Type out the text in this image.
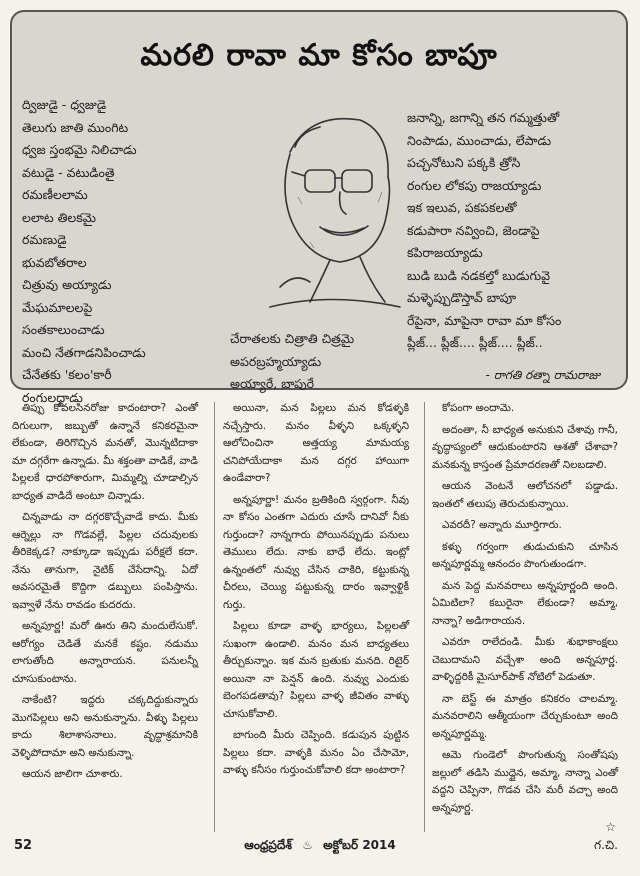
మరలి రావా మా కోసం బాపూ
ద్విజుడై - ధ్వజుడై
తెలుగు జాతి ముంగిట
ధ్వజ స్తంభమై నిలిచాడు
వటుడై - వటుడింతై
రమణీలలామ
లలాట తిలకమై
రమణుడై
భువబోతరాల
చిత్రువు అయ్యాడు
మేఘమాలలపై
సంతకాలుంచాడు
మంచి నేతగాడనిపించాడు
చేనేతకు 'కలం'కారీ
రంగులద్దాడు
చేరాతలకు చిత్రాతి చిత్రమై
అపరబ్రహ్మయ్యాడు
అయ్యారే, బాపురే
జనాన్ని, జగాన్ని తన గమ్మత్తుతో
నింపాడు, ముంచాడు, లేపాడు
పచ్చనోటుని పక్కకి త్రోసి
రంగుల లోకపు రాజయ్యాడు
ఇక ఇలువ, పకపకలతో
కడుపారా నవ్వించి, జెండాపై
కపిరాజయ్యాడు
బుడి బుడి నడకల్తో బుడుగువై
మళ్ళెప్పుడొస్తావ్ బాపూ
రేపైనా, మాపైనా రావా మా కోసం
ప్లీజ్... ప్లీజ్.... ప్లీజ్.... ప్లీజ్..
- రాగతి రత్నా రామరాజు

తిప్పు కోవలసినరోజు కాదంటారా? ఎంతో దిగులుగా, జబ్బుతో ఉన్నానే కనికరమైనా లేకుండా, తిరిగొచ్చిన మనతో, మొన్నటిదాకా మా దగ్గరేగా ఉన్నాడు. మీ శక్తంతా వాడికే, వాడి పిల్లలకే ధారపోశారుగా, మిమ్మల్ని చూడాల్సిన బాధ్యత వాడిదే అంటూ చిన్నాడు.

చిన్నవాడు నా దగ్గరకొచ్చేవాడే కాదు. మీకు ఆర్నెల్లు నా గొడవల్లే, పిల్లల చదువులకు తీరికెక్కడ? నాక్కూడా ఇప్పుడు పరీక్షలే కదా. నేను తానుగా, నైటిక్ చేసేదాన్ని. ఏదో అవసరమైతే కొద్దిగా డబ్బులు పంపిస్తాను. ఇవ్వాళే నేను రావడం కుదరదు.

అన్నపూర్ణ! మరో ఊరు తిని మందులేసుకో. ఆరోగ్యం చెడితే మనకే కష్టం. నడుము లాగుతోంది అన్నారాయన. పనులన్నీ చూసుకుంటాను.

నాకేంటి? ఇద్దరు చక్కదిద్దుకున్నారు మొగపిల్లలు అని అనుకున్నాను. వీళ్ళు పిల్లలు కాదు శిలాశాసనాలు. వృద్ధాశ్రమానికి వెళ్ళిపోదామా అని అనుకున్నా.

ఆయన జాలిగా చూశారు.

అయినా, మన పిల్లలు మన కోడళ్ళకి నచ్చేస్తారు. మనం వీళ్ళని ఒక్కళ్ళని ఆలోచించినా అత్తయ్య మామయ్య చనిపోయేదాకా మన దగ్గర హాయిగా ఉండేవారా?

అన్నపూర్ణా! మనం బ్రతికింది స్వర్గంగా. నీవు నా కోసం ఎంతగా ఎదురు చూసే దానివో నీకు గుర్తుందా? నాన్నగారు పోయినప్పుడు పనులు తెములు లేదు. నాకు బాధే లేదు. ఇంట్లో ఉన్నంతలో నువ్వు చేసిన చాకిరి, కట్టుకున్న చీరలు, చెయ్యి పట్టుకున్న దారం ఇవ్వాళ్టికీ గుర్తు.

పిల్లలు కూడా వాళ్ళ భార్యలు, పిల్లలతో సుఖంగా ఉండాలి. మనం మన బాధ్యతలు తీర్చుకున్నాం. ఇక మన బ్రతుకు మనది. రిటైర్ అయినా నా పెన్షన్ ఉంది. నువ్వు ఎందుకు బెంగపడతావు? పిల్లలు వాళ్ళ జీవితం వాళ్ళు చూసుకోవాలి.

బాగుంది మీరు చెప్పింది. కడుపున పుట్టిన పిల్లలు కదా. వాళ్ళకి మనం ఏం చేసామో, వాళ్ళు కనీసం గుర్తుంచుకోవాలి కదా అంటారా?

కోపంగా అందామె.

అదంతా, నీ బాధ్యత అనుకుని చేశావు గానీ, వృద్ధాప్యంలో ఆదుకుంటారని ఆశతో చేశావా? మనకున్న కాస్తంత ప్రేమాదరణతో నిలబడాలి.

ఆయన వెంటనే ఆలోచనలో పడ్డాడు. ఇంతలో తలుపు తెరుచుకున్నాయి.

ఎవరదీ? అన్నారు మూర్తిగారు.

కళ్ళు గర్వంగా తుడుచుకుని చూసిన అన్నపూర్ణమ్మ ఆనందం పొంగుతుండగా.

మన పెద్ద మనవరాలు అన్నపూర్ణంది అంది. ఏమిటిలా? కబురైనా లేకుండా? అమ్మా, నాన్నా? అడిగారాయన.

ఎవరూ రాలేదండి. మీకు శుభాకాంక్షలు చెబుదామని వచ్చేశా అంది అన్నపూర్ణ. వాళ్ళిద్దరికీ మైసూర్‌పాక్ నోటిలో పెడుతూ.

నా బెస్ట్ ఈ మాత్రం కనికరం చాలమ్మా. మనవరాలిని ఆత్మీయంగా చేర్చుకుంటూ అంది అన్నపూర్ణమ్మ.

ఆమె గుండెలో పొంగుతున్న సంతోషపు జల్లులో తడిసి ముద్దైన, అమ్మా, నాన్నా ఎంతో వద్దని చెప్పినా, గొడవ చేసి మరీ వచ్చా అంది అన్నపూర్ణ.

☆
52	ఆంధ్రప్రదేశ్ ♨ అక్టోబర్ 2014	గ.చి.
